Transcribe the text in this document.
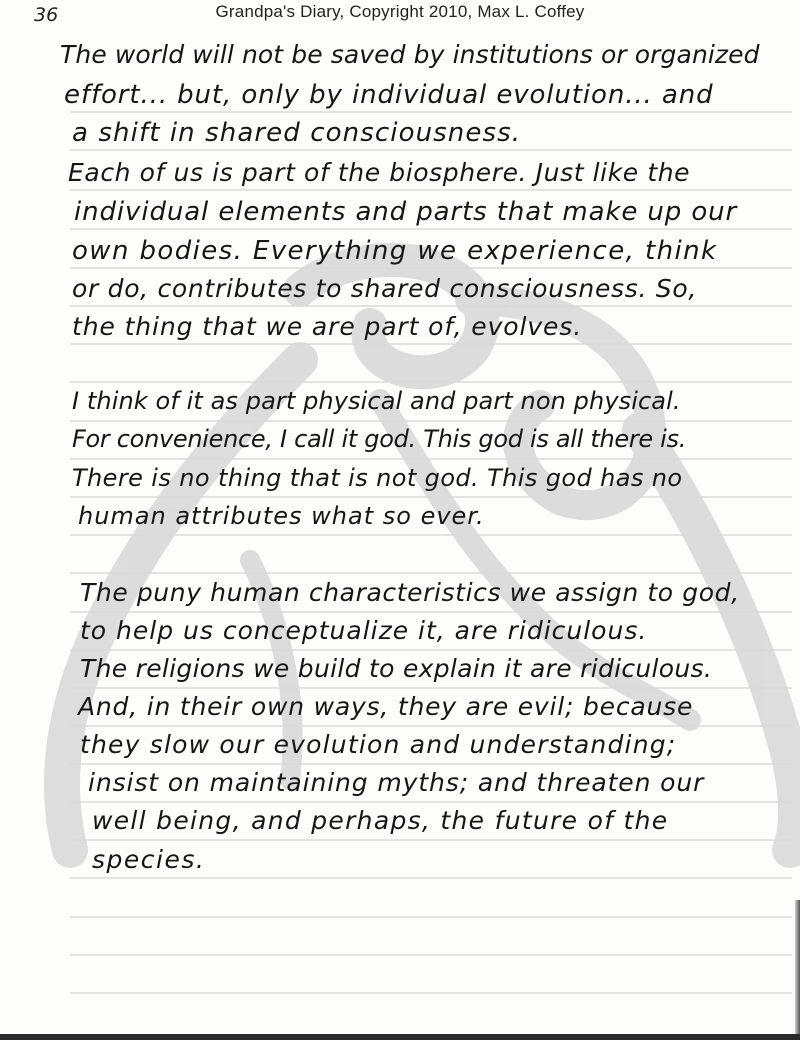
36	Grandpa's Diary, Copyright 2010, Max L. Coffey
The world will not be saved by institutions or organized
effort... but, only by individual evolution... and
a shift in shared consciousness.
Each of us is part of the biosphere. Just like the
individual elements and parts that make up our
own bodies. Everything we experience, think
or do, contributes to shared consciousness. So,
the thing that we are part of, evolves.
I think of it as part physical and part non physical.
For convenience, I call it god. This god is all there is.
There is no thing that is not god. This god has no
human attributes what so ever.
The puny human characteristics we assign to god,
to help us conceptualize it, are ridiculous.
The religions we build to explain it are ridiculous.
And, in their own ways, they are evil; because
they slow our evolution and understanding;
insist on maintaining myths; and threaten our
well being, and perhaps, the future of the
species.
